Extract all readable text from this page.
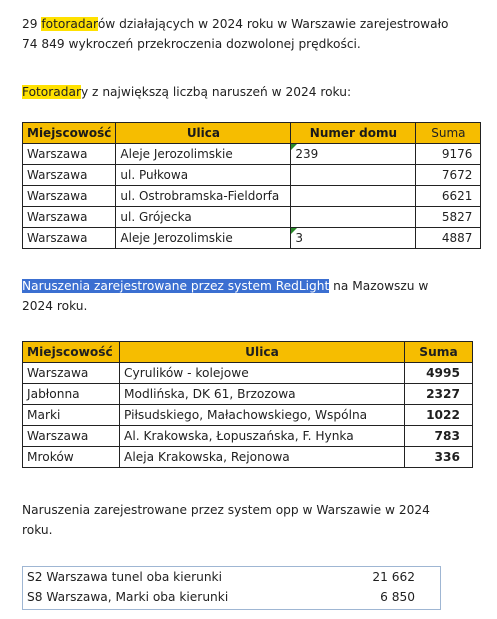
29 fotoradarów działających w 2024 roku w Warszawie zarejestrowało
74 849 wykroczeń przekroczenia dozwolonej prędkości.

Fotoradary z największą liczbą naruszeń w 2024 roku:

Miejscowość	Ulica	Numer domu	Suma
Warszawa	Aleje Jerozolimskie	239	9176
Warszawa	ul. Pułkowa		7672
Warszawa	ul. Ostrobramska-Fieldorfa		6621
Warszawa	ul. Grójecka		5827
Warszawa	Aleje Jerozolimskie	3	4887

Naruszenia zarejestrowane przez system RedLight na Mazowszu w
2024 roku.

Miejscowość	Ulica	Suma
Warszawa	Cyrulików - kolejowe	4995
Jabłonna	Modlińska, DK 61, Brzozowa	2327
Marki	Piłsudskiego, Małachowskiego, Wspólna	1022
Warszawa	Al. Krakowska, Łopuszańska, F. Hynka	783
Mroków	Aleja Krakowska, Rejonowa	336

Naruszenia zarejestrowane przez system opp w Warszawie w 2024
roku.

S2 Warszawa tunel oba kierunki	21 662
S8 Warszawa, Marki oba kierunki	6 850
